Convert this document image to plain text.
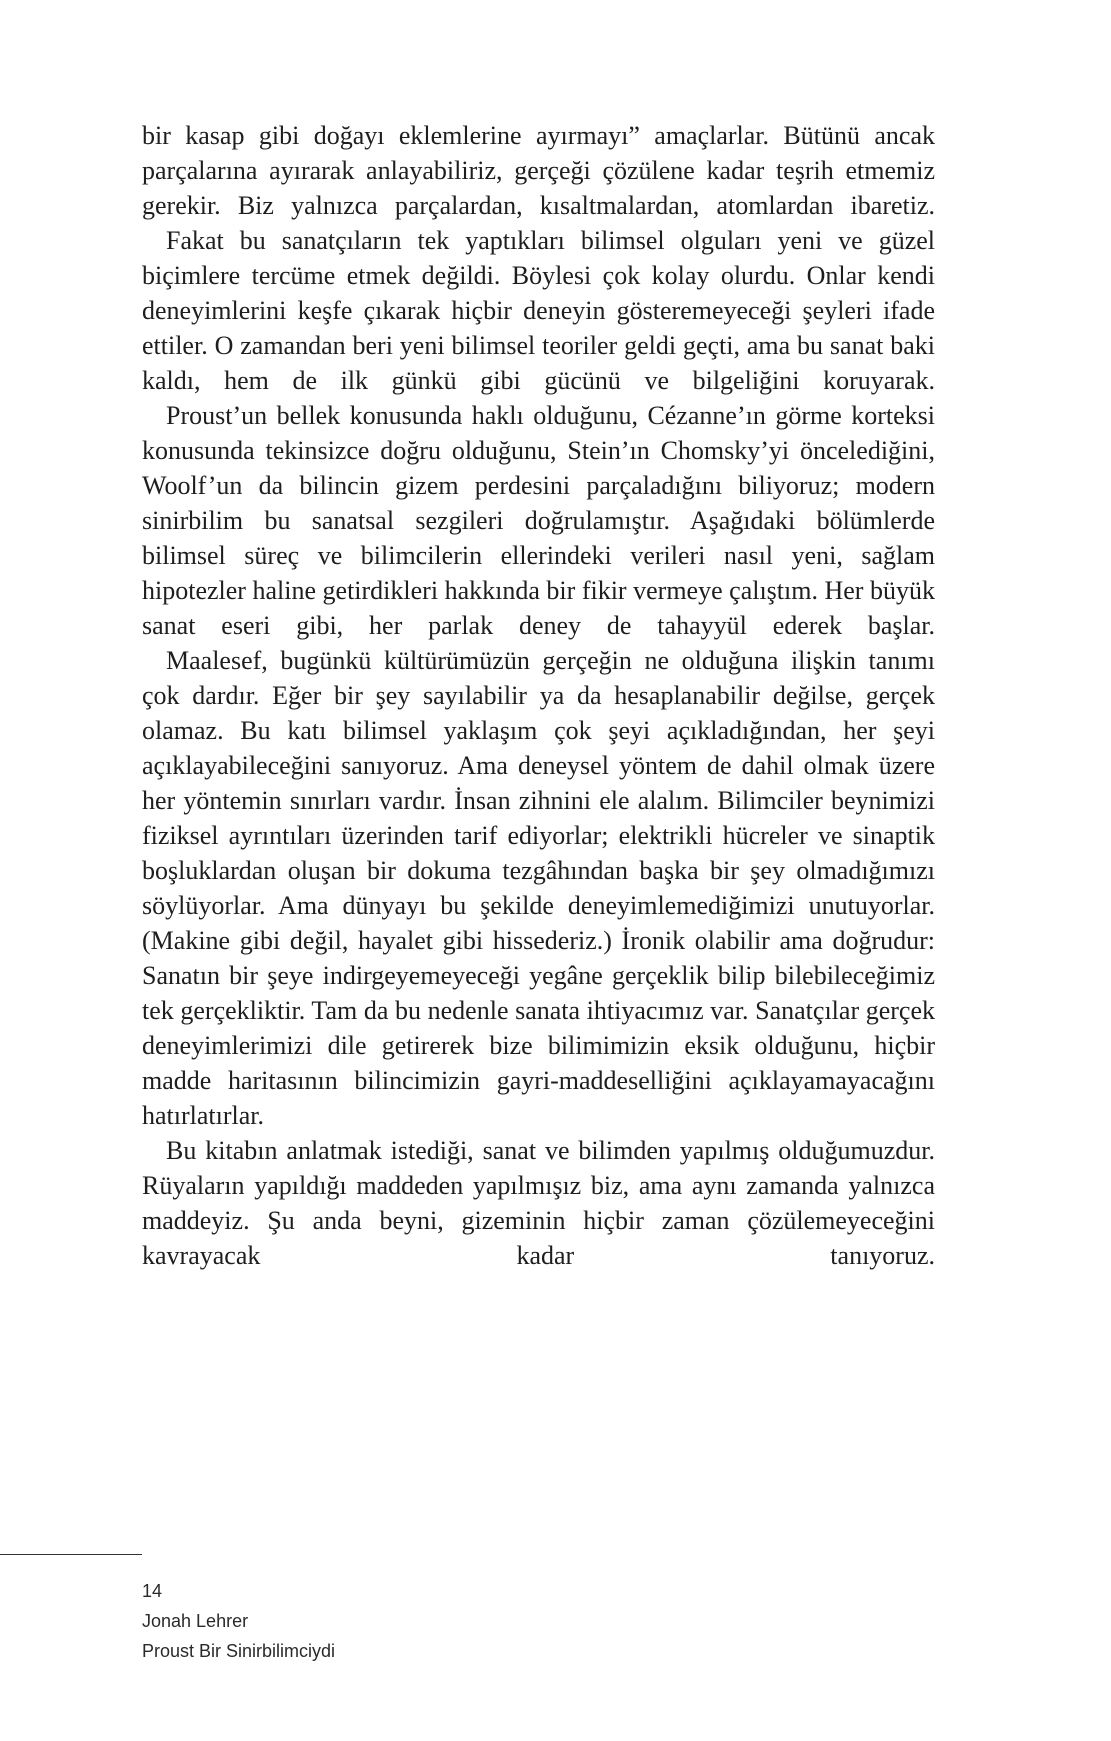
bir kasap gibi doğayı eklemlerine ayırmayı” amaçlarlar. Bütünü ancak parçalarına ayırarak anlayabiliriz, gerçeği çözülene kadar teşrih etmemiz gerekir. Biz yalnızca parçalardan, kısaltmalardan, atomlardan ibaretiz.

Fakat bu sanatçıların tek yaptıkları bilimsel olguları yeni ve güzel biçimlere tercüme etmek değildi. Böylesi çok kolay olurdu. Onlar kendi deneyimlerini keşfe çıkarak hiçbir deneyin gösteremeyeceği şeyleri ifade ettiler. O zamandan beri yeni bilimsel teoriler geldi geçti, ama bu sanat baki kaldı, hem de ilk günkü gibi gücünü ve bilgeliğini koruyarak.

Proust’un bellek konusunda haklı olduğunu, Cézanne’ın görme korteksi konusunda tekinsizce doğru olduğunu, Stein’ın Chomsky’yi öncelediğini, Woolf’un da bilincin gizem perdesini parçaladığını biliyoruz; modern sinirbilim bu sanatsal sezgileri doğrulamıştır. Aşağıdaki bölümlerde bilimsel süreç ve bilimcilerin ellerindeki verileri nasıl yeni, sağlam hipotezler haline getirdikleri hakkında bir fikir vermeye çalıştım. Her büyük sanat eseri gibi, her parlak deney de tahayyül ederek başlar.

Maalesef, bugünkü kültürümüzün gerçeğin ne olduğuna ilişkin tanımı çok dardır. Eğer bir şey sayılabilir ya da hesaplanabilir değilse, gerçek olamaz. Bu katı bilimsel yaklaşım çok şeyi açıkladığından, her şeyi açıklayabileceğini sanıyoruz. Ama deneysel yöntem de dahil olmak üzere her yöntemin sınırları vardır. İnsan zihnini ele alalım. Bilimciler beynimizi fiziksel ayrıntıları üzerinden tarif ediyorlar; elektrikli hücreler ve sinaptik boşluklardan oluşan bir dokuma tezgâhından başka bir şey olmadığımızı söylüyorlar. Ama dünyayı bu şekilde deneyimlemediğimizi unutuyorlar. (Makine gibi değil, hayalet gibi hissederiz.) İronik olabilir ama doğrudur: Sanatın bir şeye indirgeyemeyeceği yegâne gerçeklik bilip bilebileceğimiz tek gerçekliktir. Tam da bu nedenle sanata ihtiyacımız var. Sanatçılar gerçek deneyimlerimizi dile getirerek bize bilimimizin eksik olduğunu, hiçbir madde haritasının bilincimizin gayri-maddeselliğini açıklayamayacağını hatırlatırlar.

Bu kitabın anlatmak istediği, sanat ve bilimden yapılmış olduğumuzdur. Rüyaların yapıldığı maddeden yapılmışız biz, ama aynı zamanda yalnızca maddeyiz. Şu anda beyni, gizeminin hiçbir zaman çözülemeyeceğini kavrayacak kadar tanıyoruz.

14
Jonah Lehrer
Proust Bir Sinirbilimciydi
